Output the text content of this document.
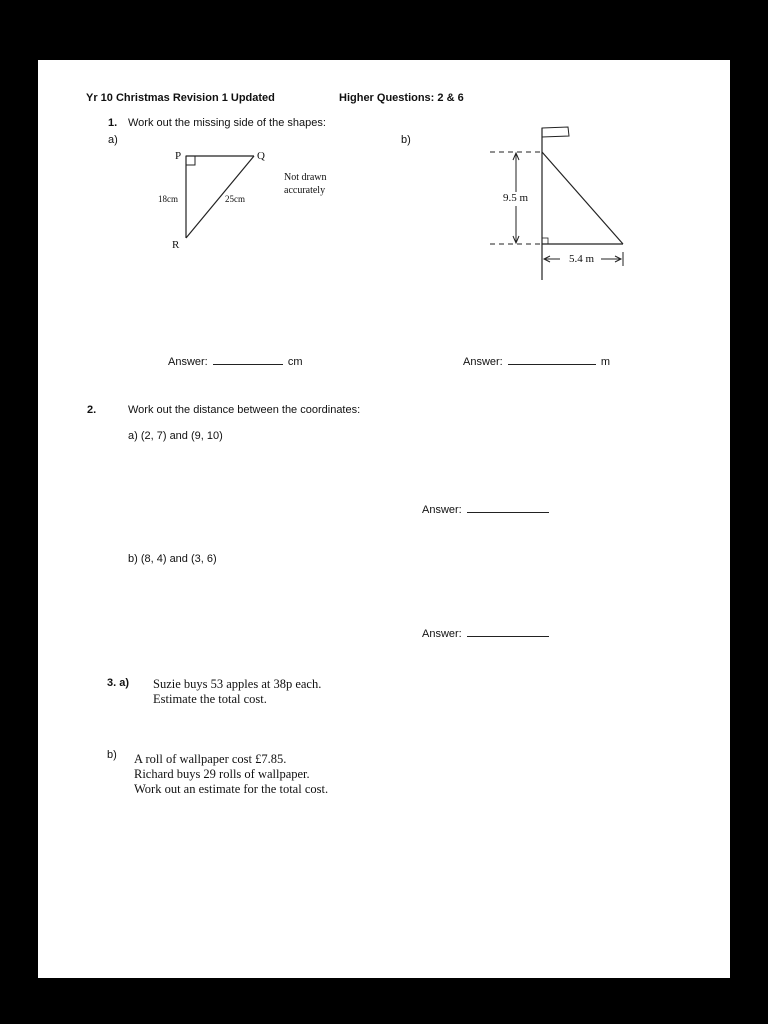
Yr 10 Christmas Revision 1 Updated	Higher Questions: 2 & 6
1. Work out the missing side of the shapes:
a)	b)
P	Q
R
18cm	25cm
Not drawn
accurately
9.5 m
5.4 m
Answer:	cm	Answer:	m
2.	Work out the distance between the coordinates:
a) (2, 7) and (9, 10)
Answer:
b) (8, 4) and (3, 6)
Answer:
3. a) Suzie buys 53 apples at 38p each.
Estimate the total cost.
b) A roll of wallpaper cost £7.85.
Richard buys 29 rolls of wallpaper.
Work out an estimate for the total cost.
